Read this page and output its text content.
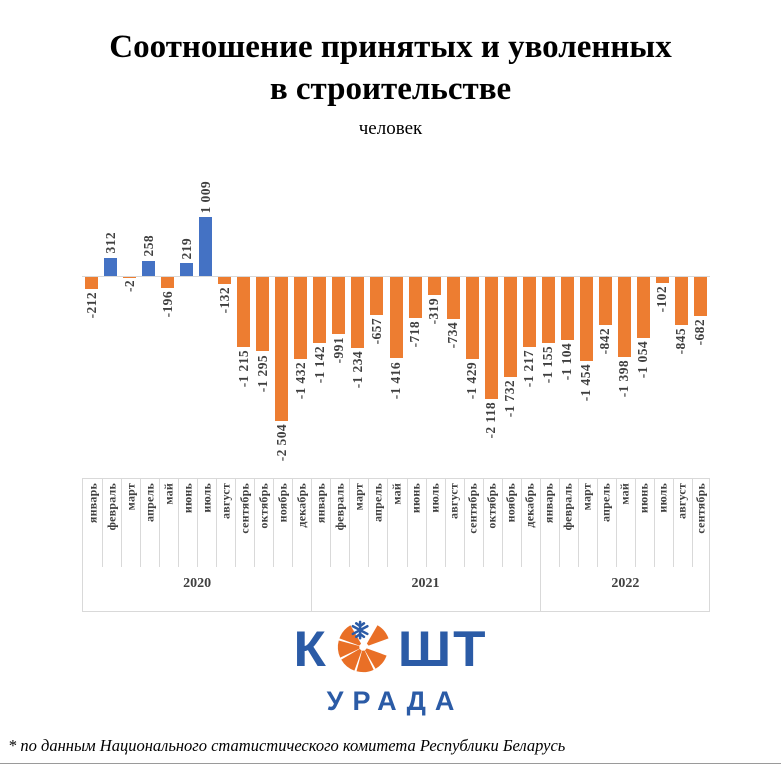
Соотношение принятых и уволенных
в строительстве
человек
-212
312
-2
258
-196
219
1 009
-132
-1 215 -1 295
-2 504
-1 432 -1 142 -991
-1 234
-657
-1 416
-718
-319
-734
-1 429
-2 118
-1 732
-1 217 -1 155 -1 104
-1 454
-842
-1 398
-1 054
-102
-845 -682
2020	2021	2022
январь февраль март апрель май июнь июль август сентябрь октябрь ноябрь декабрь январь февраль март апрель май июнь июль август сентябрь октябрь ноябрь декабрь январь февраль март апрель май июнь июль август сентябрь
К ШТ
УРАДА
* по данным Национального статистического комитета Республики Беларусь
